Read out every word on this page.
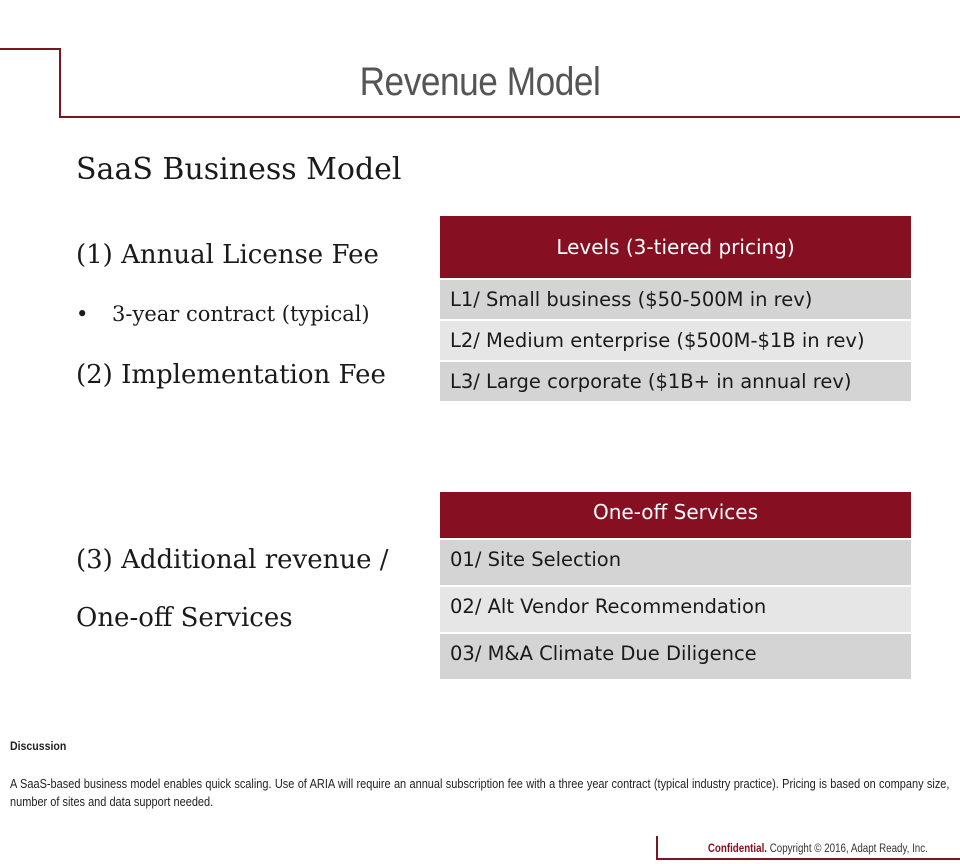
Revenue Model
SaaS Business Model
(1) Annual License Fee
• 3-year contract (typical)
(2) Implementation Fee
(3) Additional revenue /
One-off Services
Levels (3-tiered pricing)
L1/ Small business ($50-500M in rev)
L2/ Medium enterprise ($500M-$1B in rev)
L3/ Large corporate ($1B+ in annual rev)
One-off Services
01/ Site Selection
02/ Alt Vendor Recommendation
03/ M&A Climate Due Diligence
Discussion
A SaaS-based business model enables quick scaling. Use of ARIA will require an annual subscription fee with a three year contract (typical industry practice). Pricing is based on company size, number of sites and data support needed.
Confidential. Copyright © 2016, Adapt Ready, Inc.
